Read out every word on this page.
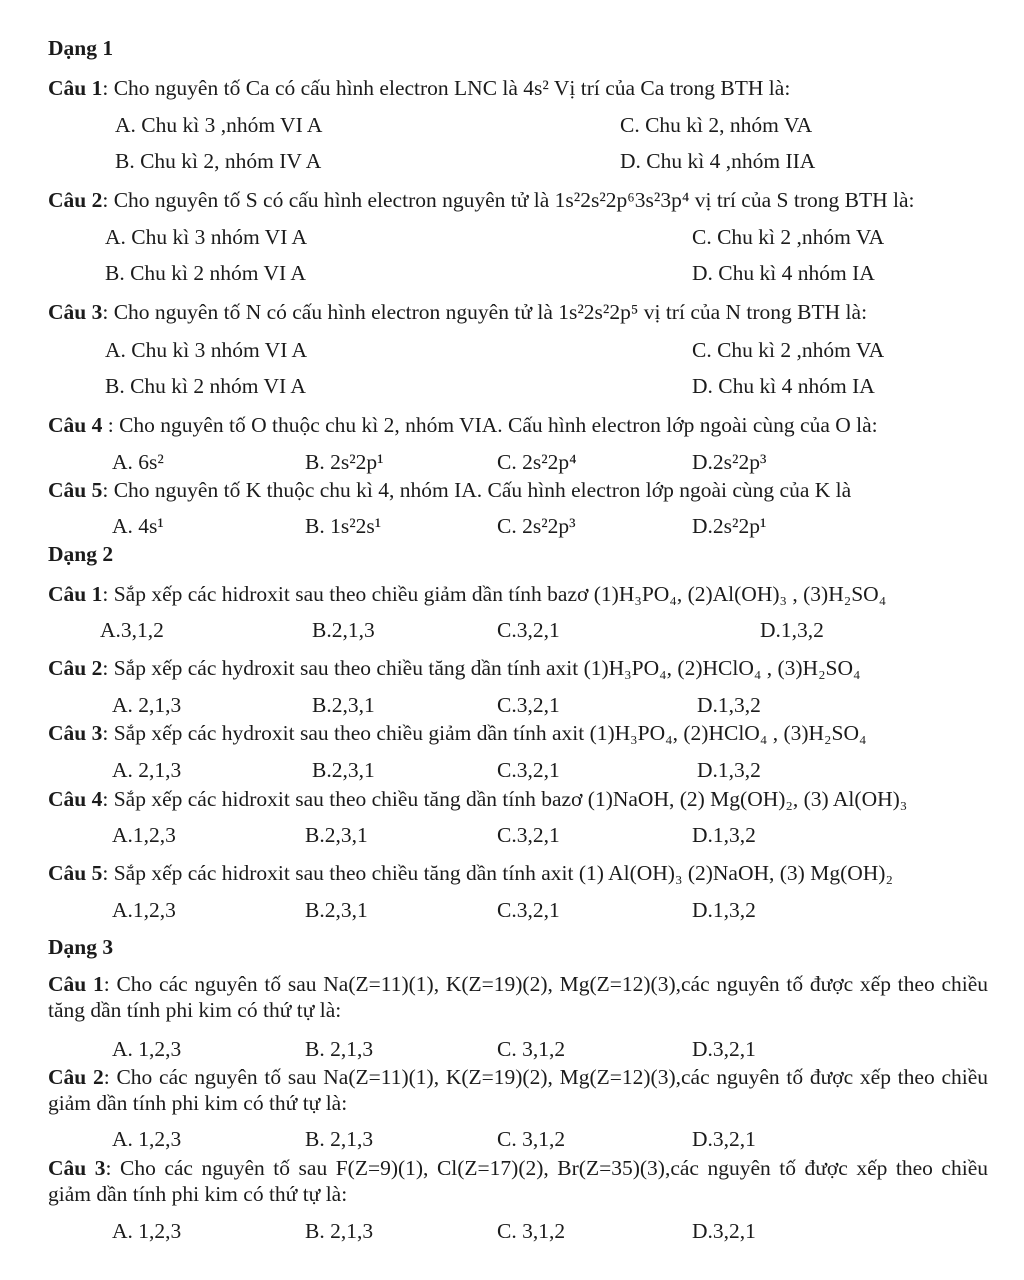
Dạng 1
Câu 1: Cho nguyên tố Ca có cấu hình electron LNC là 4s² Vị trí của Ca trong BTH là:
A. Chu kì 3 ,nhóm VI A	C. Chu kì 2, nhóm VA
B. Chu kì 2, nhóm IV A	D. Chu kì 4 ,nhóm IIA
Câu 2: Cho nguyên tố S có cấu hình electron nguyên tử là 1s²2s²2p⁶3s²3p⁴ vị trí của S trong BTH là:
A. Chu kì 3 nhóm VI A	C. Chu kì 2 ,nhóm VA
B. Chu kì 2 nhóm VI A	D. Chu kì 4 nhóm IA
Câu 3: Cho nguyên tố N có cấu hình electron nguyên tử là 1s²2s²2p⁵ vị trí của N trong BTH là:
A. Chu kì 3 nhóm VI A	C. Chu kì 2 ,nhóm VA
B. Chu kì 2 nhóm VI A	D. Chu kì 4 nhóm IA
Câu 4 : Cho nguyên tố O thuộc chu kì 2, nhóm VIA. Cấu hình electron lớp ngoài cùng của O là:
A. 6s²	B. 2s²2p¹	C. 2s²2p⁴	D.2s²2p³
Câu 5: Cho nguyên tố K thuộc chu kì 4, nhóm IA. Cấu hình electron lớp ngoài cùng của K là
A. 4s¹	B. 1s²2s¹	C. 2s²2p³	D.2s²2p¹
Dạng 2
Câu 1: Sắp xếp các hidroxit sau theo chiều giảm dần tính bazơ (1)H₃PO₄, (2)Al(OH)₃ , (3)H₂SO₄
A.3,1,2	B.2,1,3	C.3,2,1	D.1,3,2
Câu 2: Sắp xếp các hydroxit sau theo chiều tăng dần tính axit (1)H₃PO₄, (2)HClO₄ , (3)H₂SO₄
A. 2,1,3	B.2,3,1	C.3,2,1	D.1,3,2
Câu 3: Sắp xếp các hydroxit sau theo chiều giảm dần tính axit (1)H₃PO₄, (2)HClO₄ , (3)H₂SO₄
A. 2,1,3	B.2,3,1	C.3,2,1	D.1,3,2
Câu 4: Sắp xếp các hidroxit sau theo chiều tăng dần tính bazơ (1)NaOH, (2) Mg(OH)₂, (3) Al(OH)₃
A.1,2,3	B.2,3,1	C.3,2,1	D.1,3,2
Câu 5: Sắp xếp các hidroxit sau theo chiều tăng dần tính axit (1) Al(OH)₃ (2)NaOH, (3) Mg(OH)₂
A.1,2,3	B.2,3,1	C.3,2,1	D.1,3,2
Dạng 3
Câu 1: Cho các nguyên tố sau Na(Z=11)(1), K(Z=19)(2), Mg(Z=12)(3),các nguyên tố được xếp theo chiều tăng dần tính phi kim có thứ tự là:
A. 1,2,3	B. 2,1,3	C. 3,1,2	D.3,2,1
Câu 2: Cho các nguyên tố sau Na(Z=11)(1), K(Z=19)(2), Mg(Z=12)(3),các nguyên tố được xếp theo chiều giảm dần tính phi kim có thứ tự là:
A. 1,2,3	B. 2,1,3	C. 3,1,2	D.3,2,1
Câu 3: Cho các nguyên tố sau F(Z=9)(1), Cl(Z=17)(2), Br(Z=35)(3),các nguyên tố được xếp theo chiều giảm dần tính phi kim có thứ tự là:
A. 1,2,3	B. 2,1,3	C. 3,1,2	D.3,2,1
